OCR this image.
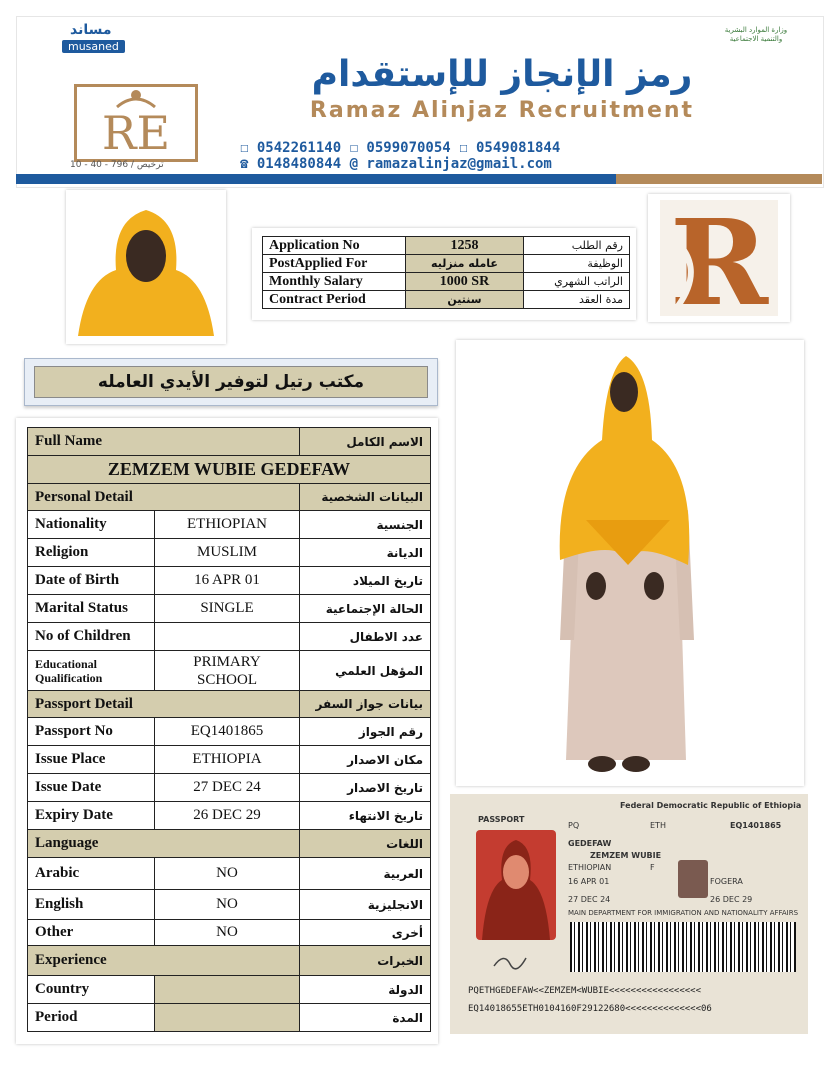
مساند
musaned
وزارة الموارد البشرية والتنمية الاجتماعية
RE
رمز الإنجاز للإستقدام
Ramaz Alinjaz Recruitment
☐ 0542261140 ☐ 0599070054 ☐ 0549081844
☎ 0148480844 @ ramazalinjaz@gmail.com
ترخيص / 796 - 40 - 10
Application No	1258	رقم الطلب
PostApplied For	عامله منزليه	الوظيفة
Monthly Salary	1000 SR	الراتب الشهري
Contract Period	سنتين	مدة العقد R
مكتب رتيل لتوفير الأيدي العامله
Full Name		الاسم الكامل
ZEMZEM WUBIE GEDEFAW		
Personal Detail		البيانات الشخصية
Nationality	ETHIOPIAN	الجنسية
Religion	MUSLIM	الديانة
Date of Birth	16 APR 01	تاريخ الميلاد
Marital Status	SINGLE	الحالة الإجتماعية
No of Children		عدد الاطفال
Educational Qualification	PRIMARY SCHOOL	المؤهل العلمي
Passport Detail		بيانات جواز السفر
Passport No	EQ1401865	رقم الجواز
Issue Place	ETHIOPIA	مكان الاصدار
Issue Date	27 DEC 24	تاريخ الاصدار
Expiry Date	26 DEC 29	تاريخ الانتهاء
Language		اللغات
Arabic	NO	العربية
English	NO	الانجليزية
Other	NO	أخرى
Experience		الخبرات
Country		الدولة
Period		المدة
Federal Democratic Republic of Ethiopia
PASSPORT
PQ	ETH	EQ1401865
GEDEFAW
ZEMZEM WUBIE
ETHIOPIAN	F
16 APR 01	FOGERA
27 DEC 24	26 DEC 29
MAIN DEPARTMENT FOR IMMIGRATION AND NATIONALITY AFFAIRS
PQETHGEDEFAW<<ZEMZEM<WUBIE<<<<<<<<<<<<<<<<<
EQ14018655ETH0104160F29122680<<<<<<<<<<<<<<06
